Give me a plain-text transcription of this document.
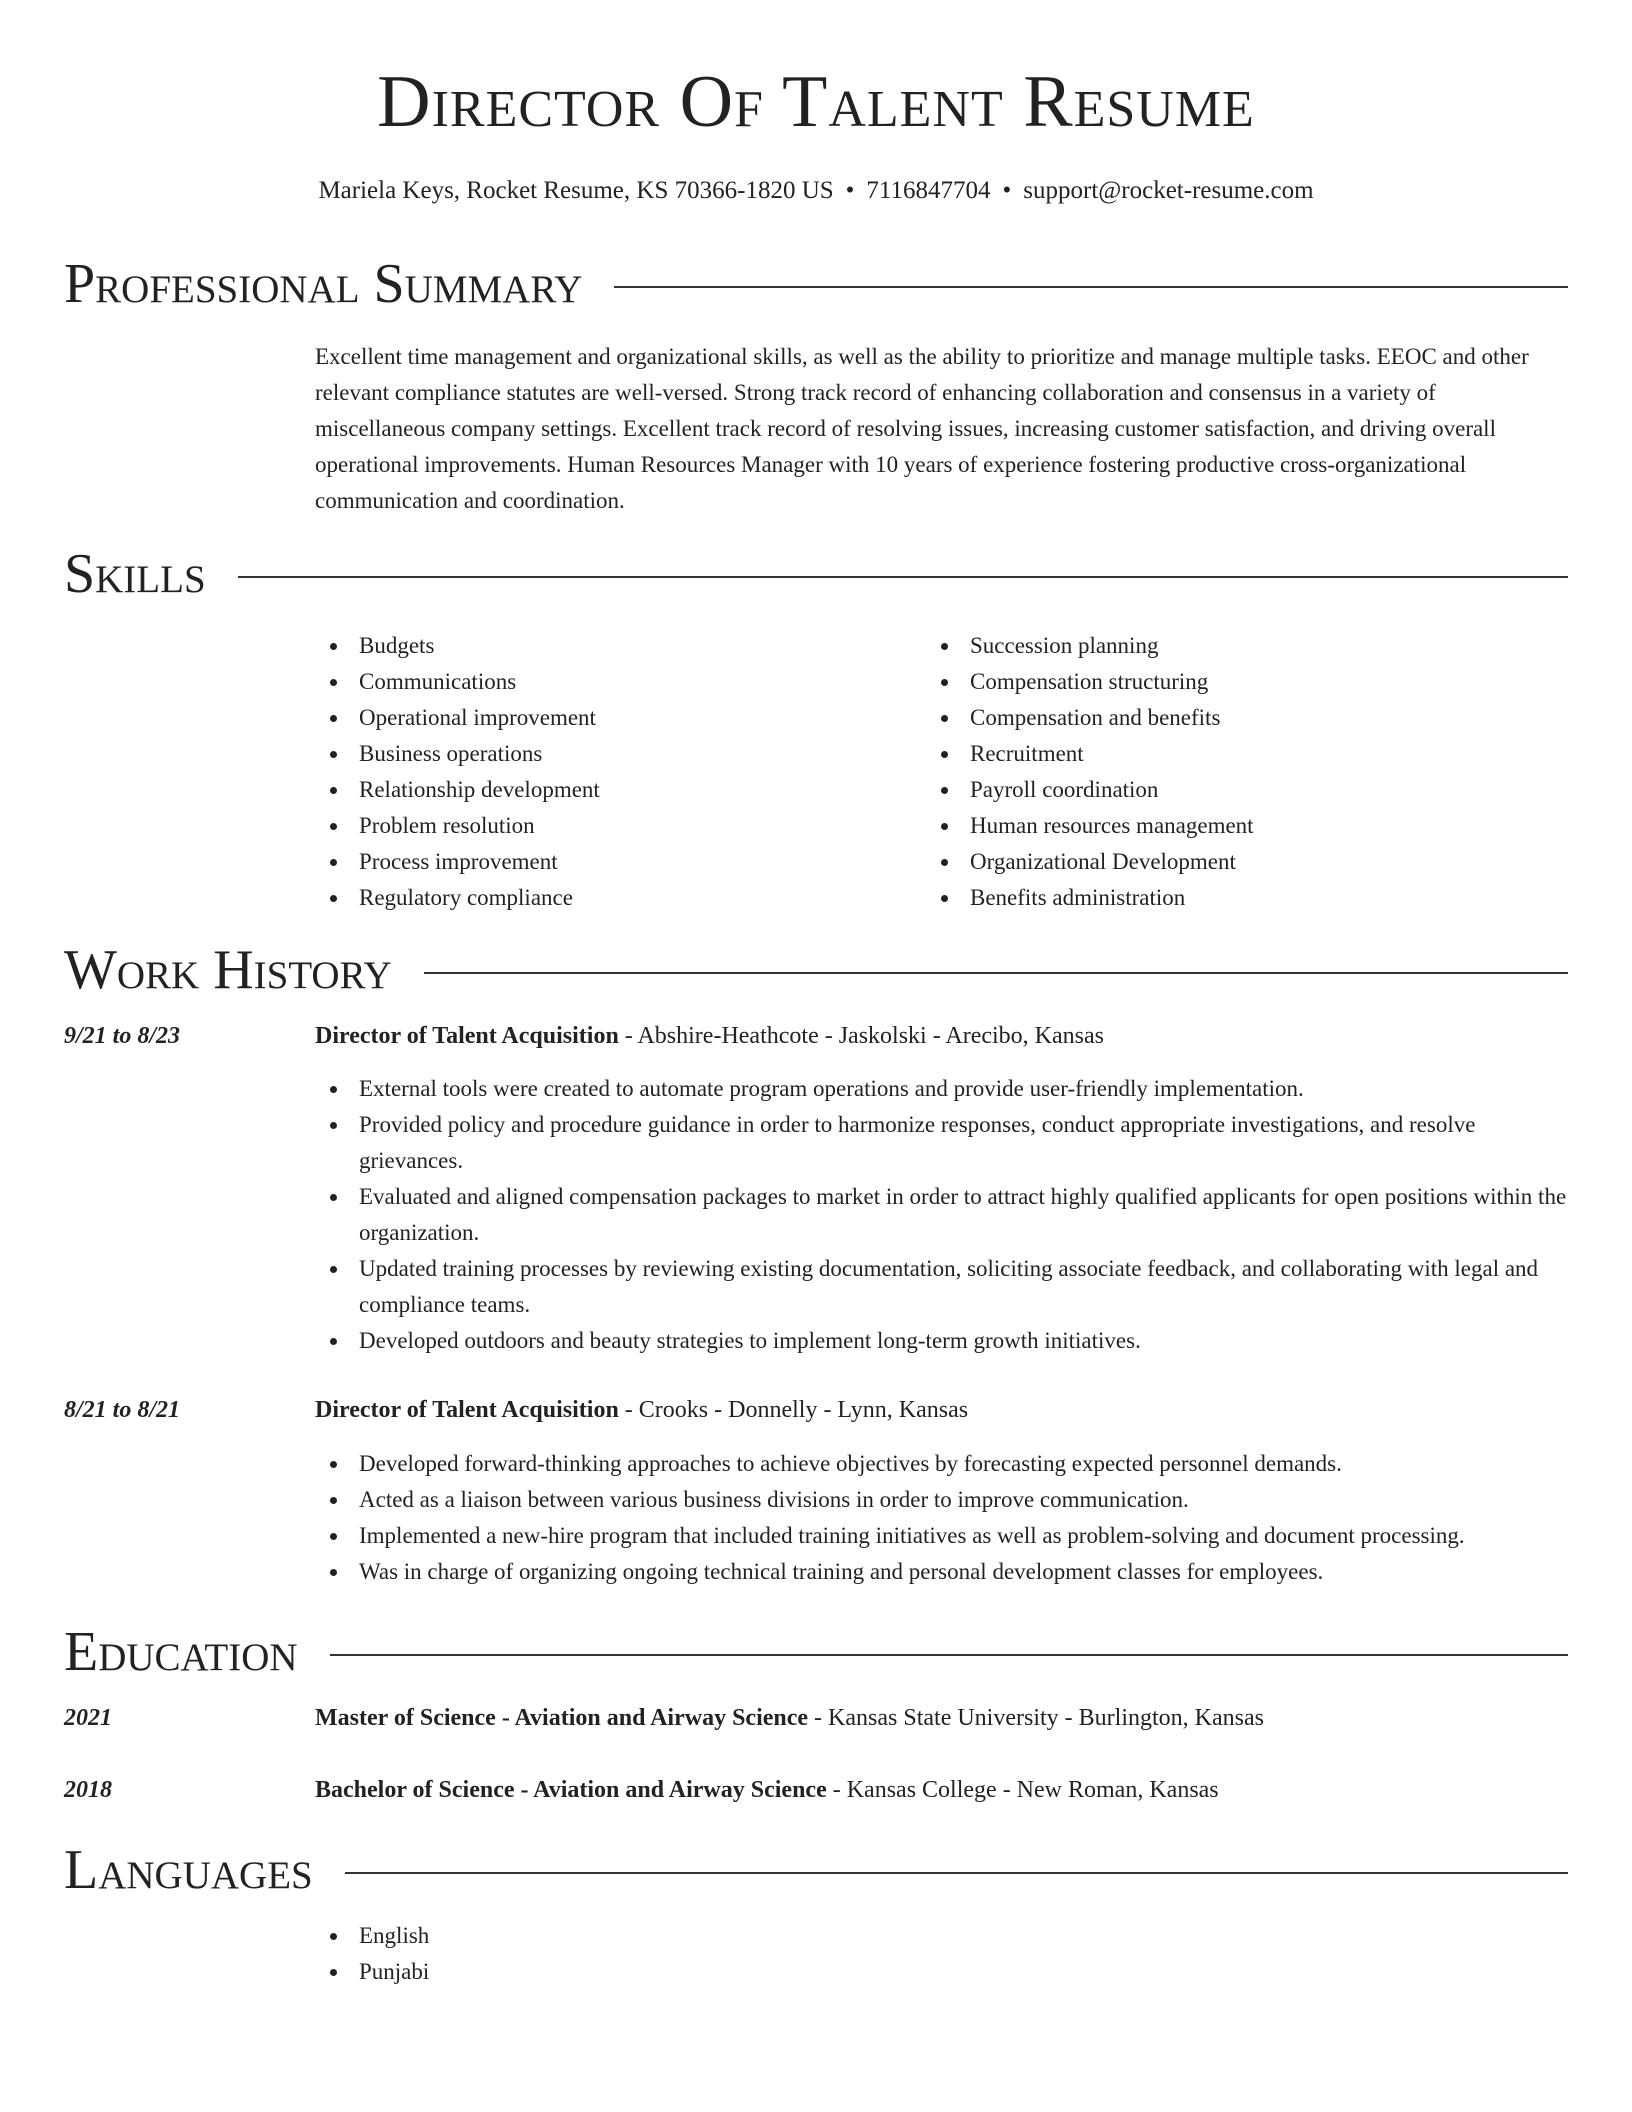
Director Of Talent Resume
Mariela Keys, Rocket Resume, KS 70366-1820 US • 7116847704 • support@rocket-resume.com
Professional Summary
Excellent time management and organizational skills, as well as the ability to prioritize and manage multiple tasks. EEOC and other relevant compliance statutes are well-versed. Strong track record of enhancing collaboration and consensus in a variety of miscellaneous company settings. Excellent track record of resolving issues, increasing customer satisfaction, and driving overall operational improvements. Human Resources Manager with 10 years of experience fostering productive cross-organizational communication and coordination.
Skills
Budgets
Communications
Operational improvement
Business operations
Relationship development
Problem resolution
Process improvement
Regulatory compliance
Succession planning
Compensation structuring
Compensation and benefits
Recruitment
Payroll coordination
Human resources management
Organizational Development
Benefits administration
Work History
9/21 to 8/23	Director of Talent Acquisition - Abshire-Heathcote - Jaskolski - Arecibo, Kansas
External tools were created to automate program operations and provide user-friendly implementation.
Provided policy and procedure guidance in order to harmonize responses, conduct appropriate investigations, and resolve grievances.
Evaluated and aligned compensation packages to market in order to attract highly qualified applicants for open positions within the organization.
Updated training processes by reviewing existing documentation, soliciting associate feedback, and collaborating with legal and compliance teams.
Developed outdoors and beauty strategies to implement long-term growth initiatives.
8/21 to 8/21	Director of Talent Acquisition - Crooks - Donnelly - Lynn, Kansas
Developed forward-thinking approaches to achieve objectives by forecasting expected personnel demands.
Acted as a liaison between various business divisions in order to improve communication.
Implemented a new-hire program that included training initiatives as well as problem-solving and document processing.
Was in charge of organizing ongoing technical training and personal development classes for employees.
Education
2021	Master of Science - Aviation and Airway Science - Kansas State University - Burlington, Kansas
2018	Bachelor of Science - Aviation and Airway Science - Kansas College - New Roman, Kansas
Languages
English
Punjabi
